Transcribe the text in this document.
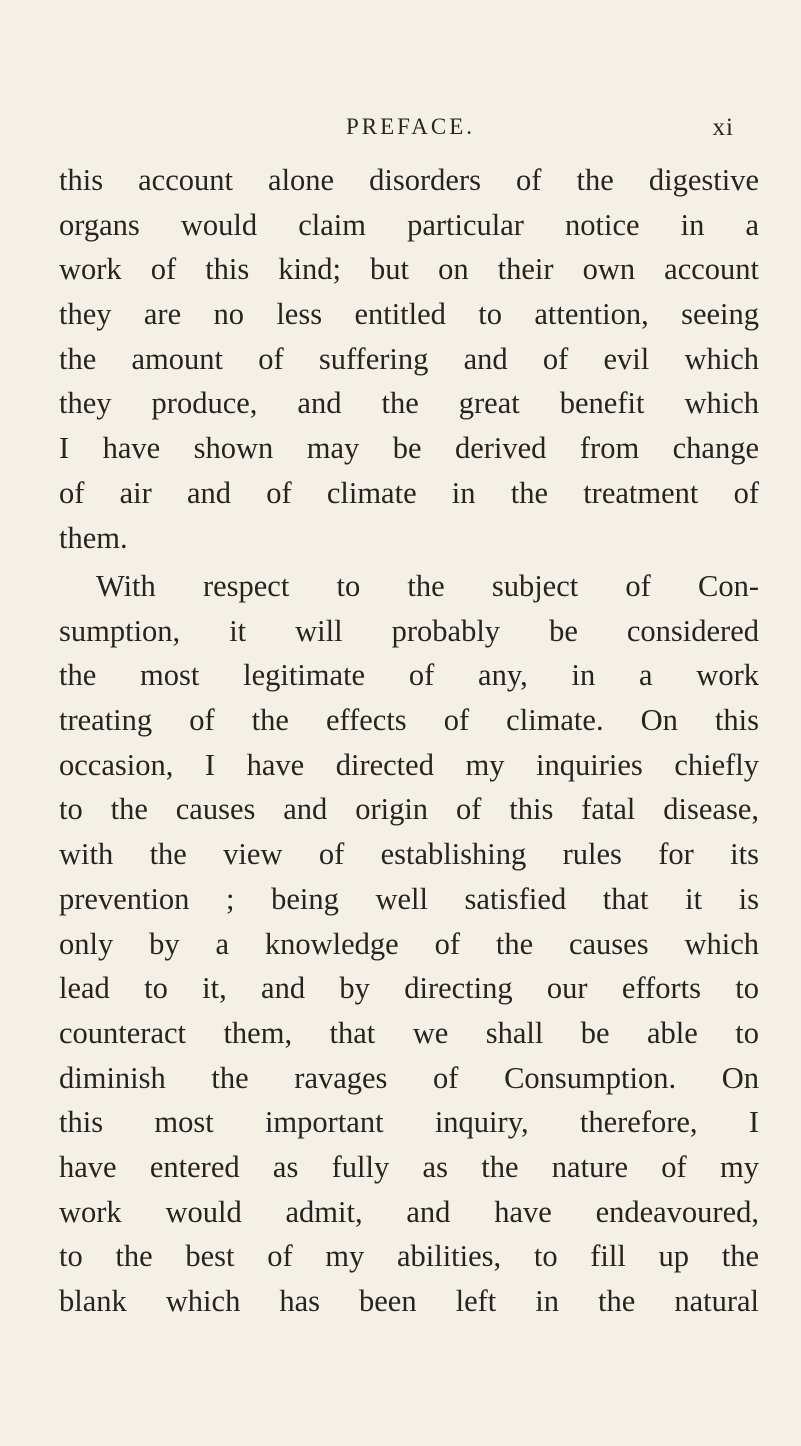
PREFACE.	xi
this account alone disorders of the digestive
organs would claim particular notice in a
work of this kind; but on their own account
they are no less entitled to attention, seeing
the amount of suffering and of evil which
they produce, and the great benefit which
I have shown may be derived from change
of air and of climate in the treatment of
them.
With respect to the subject of Con-
sumption, it will probably be considered
the most legitimate of any, in a work
treating of the effects of climate. On this
occasion, I have directed my inquiries chiefly
to the causes and origin of this fatal disease,
with the view of establishing rules for its
prevention ; being well satisfied that it is
only by a knowledge of the causes which
lead to it, and by directing our efforts to
counteract them, that we shall be able to
diminish the ravages of Consumption. On
this most important inquiry, therefore, I
have entered as fully as the nature of my
work would admit, and have endeavoured,
to the best of my abilities, to fill up the
blank which has been left in the natural
